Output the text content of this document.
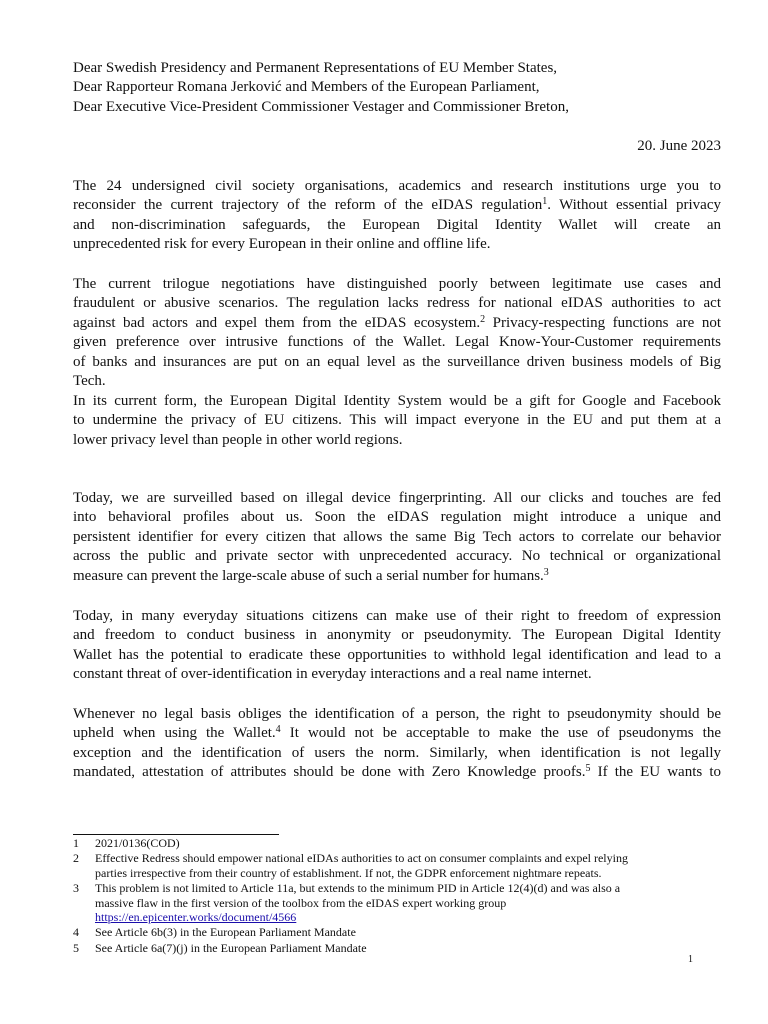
Dear Swedish Presidency and Permanent Representations of EU Member States,
Dear Rapporteur Romana Jerković and Members of the European Parliament,
Dear Executive Vice-President Commissioner Vestager and Commissioner Breton,
20. June 2023
The 24 undersigned civil society organisations, academics and research institutions urge you to
reconsider the current trajectory of the reform of the eIDAS regulation$^1$. Without essential privacy
and non-discrimination safeguards, the European Digital Identity Wallet will create an
unprecedented risk for every European in their online and offline life.
The current trilogue negotiations have distinguished poorly between legitimate use cases and
fraudulent or abusive scenarios. The regulation lacks redress for national eIDAS authorities to act
against bad actors and expel them from the eIDAS ecosystem.$^2$ Privacy-respecting functions are not
given preference over intrusive functions of the Wallet. Legal Know-Your-Customer requirements
of banks and insurances are put on an equal level as the surveillance driven business models of Big
Tech.
In its current form, the European Digital Identity System would be a gift for Google and Facebook
to undermine the privacy of EU citizens. This will impact everyone in the EU and put them at a
lower privacy level than people in other world regions.
Today, we are surveilled based on illegal device fingerprinting. All our clicks and touches are fed
into behavioral profiles about us. Soon the eIDAS regulation might introduce a unique and
persistent identifier for every citizen that allows the same Big Tech actors to correlate our behavior
across the public and private sector with unprecedented accuracy. No technical or organizational
measure can prevent the large-scale abuse of such a serial number for humans.$^3$
Today, in many everyday situations citizens can make use of their right to freedom of expression
and freedom to conduct business in anonymity or pseudonymity. The European Digital Identity
Wallet has the potential to eradicate these opportunities to withhold legal identification and lead to a
constant threat of over-identification in everyday interactions and a real name internet.
Whenever no legal basis obliges the identification of a person, the right to pseudonymity should be
upheld when using the Wallet.$^4$ It would not be acceptable to make the use of pseudonyms the
exception and the identification of users the norm. Similarly, when identification is not legally
mandated, attestation of attributes should be done with Zero Knowledge proofs.$^5$ If the EU wants to
1	2021/0136(COD)
2	Effective Redress should empower national eIDAs authorities to act on consumer complaints and expel relying
parties irrespective from their country of establishment. If not, the GDPR enforcement nightmare repeats.
3	This problem is not limited to Article 11a, but extends to the minimum PID in Article 12(4)(d) and was also a
massive flaw in the first version of the toolbox from the eIDAS expert working group
https://en.epicenter.works/document/4566
4	See Article 6b(3) in the European Parliament Mandate
5	See Article 6a(7)(j) in the European Parliament Mandate
1
